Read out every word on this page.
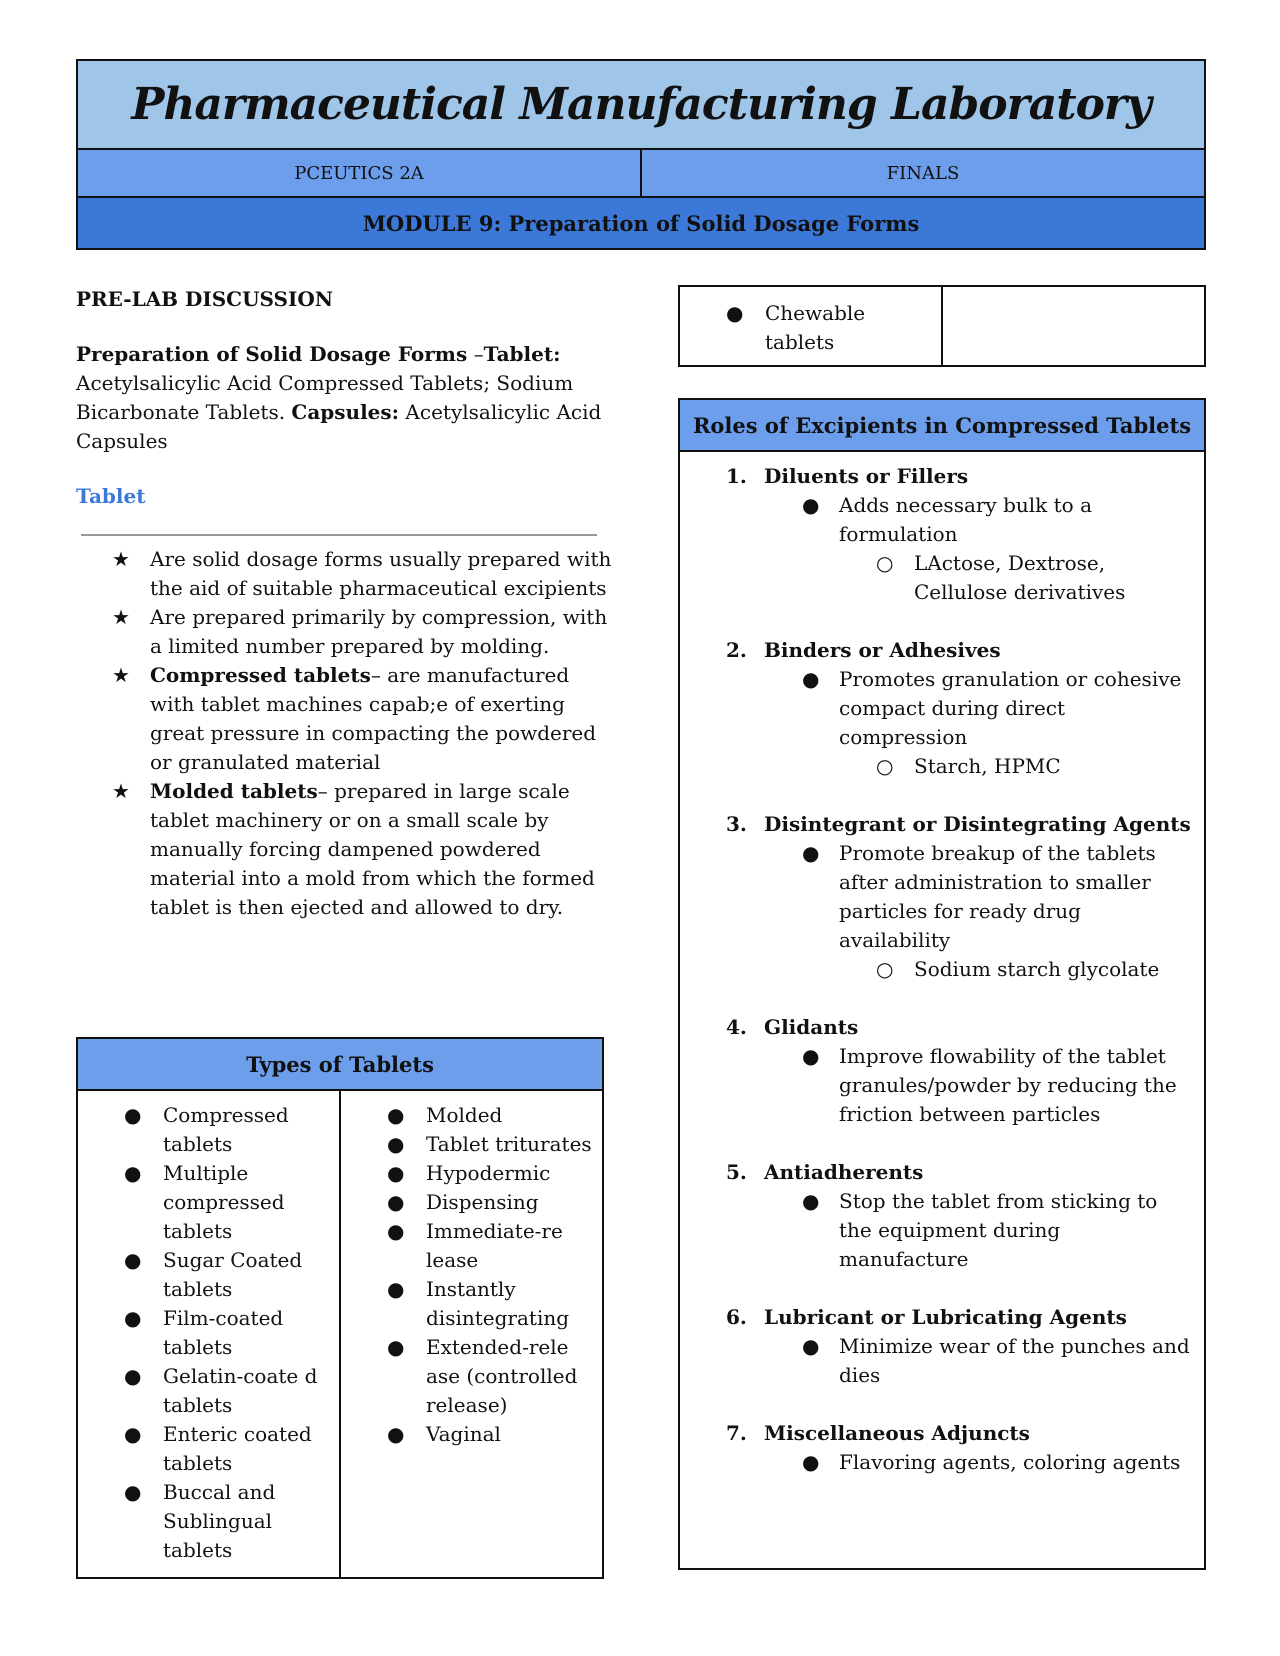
Pharmaceutical Manufacturing Laboratory
PCEUTICS 2A	FINALS
MODULE 9: Preparation of Solid Dosage Forms
PRE-LAB DISCUSSION

Preparation of Solid Dosage Forms –Tablet: Acetylsalicylic Acid Compressed Tablets; Sodium Bicarbonate Tablets. Capsules: Acetylsalicylic Acid Capsules

Tablet
★ Are solid dosage forms usually prepared with the aid of suitable pharmaceutical excipients
★ Are prepared primarily by compression, with a limited number prepared by molding.
★ Compressed tablets– are manufactured with tablet machines capab;e of exerting great pressure in compacting the powdered or granulated material
★ Molded tablets– prepared in large scale tablet machinery or on a small scale by manually forcing dampened powdered material into a mold from which the formed tablet is then ejected and allowed to dry.
Types of Tablets

● Compressed tablets
● Multiple compressed tablets
● Sugar Coated tablets
● Film-coated tablets
● Gelatin-coate d tablets
● Enteric coated tablets
● Buccal and Sublingual tablets

● Molded
● Tablet triturates
● Hypodermic
● Dispensing
● Immediate-re lease
● Instantly disintegrating
● Extended-rele ase (controlled release)
● Vaginal
● Chewable tablets
Roles of Excipients in Compressed Tablets
1. Diluents or Fillers
● Adds necessary bulk to a formulation
○ LActose, Dextrose, Cellulose derivatives
2. Binders or Adhesives
● Promotes granulation or cohesive compact during direct compression
○ Starch, HPMC
3. Disintegrant or Disintegrating Agents
● Promote breakup of the tablets after administration to smaller particles for ready drug availability
○ Sodium starch glycolate
4. Glidants
● Improve flowability of the tablet granules/powder by reducing the friction between particles
5. Antiadherents
● Stop the tablet from sticking to the equipment during manufacture
6. Lubricant or Lubricating Agents
● Minimize wear of the punches and dies
7. Miscellaneous Adjuncts
● Flavoring agents, coloring agents
